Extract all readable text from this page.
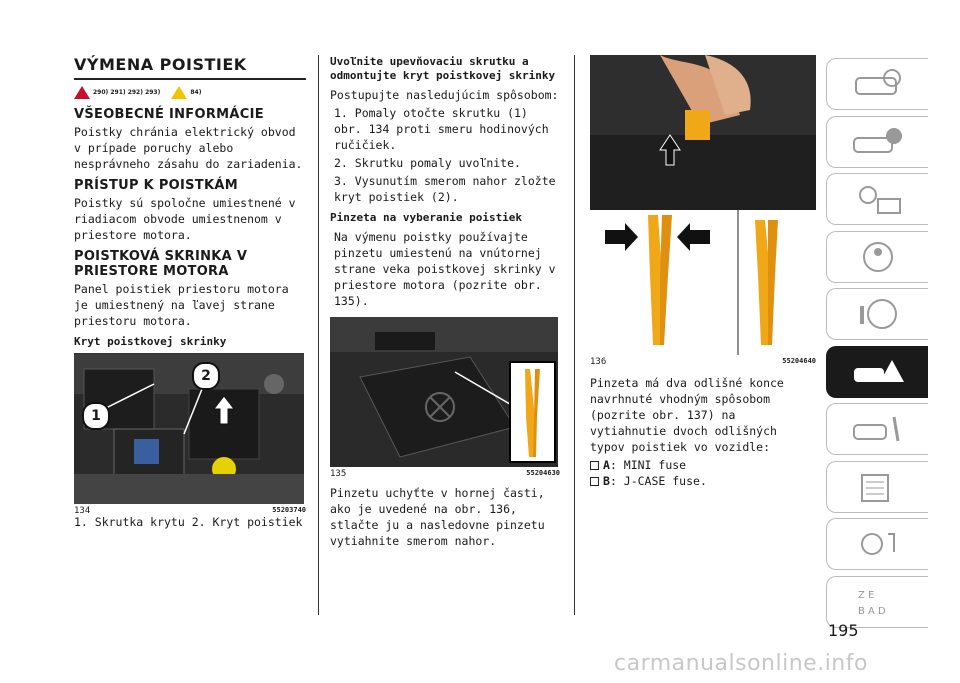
VÝMENA POISTIEK
290) 291) 292) 293)	84)
VŠEOBECNÉ INFORMÁCIE

Poistky chránia elektrický obvod v prípade poruchy alebo nesprávneho zásahu do zariadenia.

PRÍSTUP K POISTKÁM

Poistky sú spoločne umiestnené v riadiacom obvode umiestnenom v priestore motora.

POISTKOVÁ SKRINKA V PRIESTORE MOTORA

Panel poistiek priestoru motora je umiestnený na ľavej strane priestoru motora.

Kryt poistkovej skrinky
1
2
134	55203740

1. Skrutka krytu 2. Kryt poistiek

Uvoľnite upevňovaciu skrutku a odmontujte kryt poistkovej skrinky

Postupujte nasledujúcim spôsobom:

1. Pomaly otočte skrutku (1) obr. 134 proti smeru hodinových ručičiek.

2. Skrutku pomaly uvoľnite.

3. Vysunutím smerom nahor zložte kryt poistiek (2).

Pinzeta na vyberanie poistiek

Na výmenu poistky používajte pinzetu umiestenú na vnútornej strane veka poistkovej skrinky v priestore motora (pozrite obr. 135).

135	55204630

Pinzetu uchyťte v hornej časti, ako je uvedené na obr. 136, stlačte ju a nasledovne pinzetu vytiahnite smerom nahor.

136	55204640

Pinzeta má dva odlišné konce navrhnuté vhodným spôsobom (pozrite obr. 137) na vytiahnutie dvoch odlišných typov poistiek vo vozidle:

A: MINI fuse
B: J-CASE fuse.
Z E
B A D
195
carmanualsonline.info
